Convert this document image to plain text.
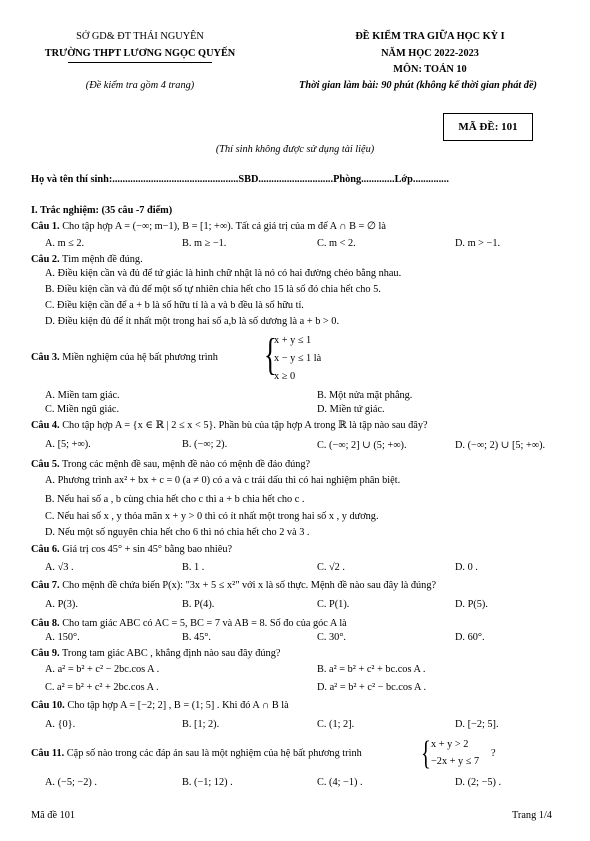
SỞ GD& ĐT THÁI NGUYÊN
TRƯỜNG THPT LƯƠNG NGỌC QUYẾN
(Đề kiểm tra gồm 4 trang)
ĐỀ KIỂM TRA GIỮA HỌC KỲ I
NĂM HỌC 2022-2023
MÔN: TOÁN 10
Thời gian làm bài: 90 phút (không kể thời gian phát đề)
MÃ ĐỀ: 101
(Thí sinh không được sử dụng tài liệu)
Họ và tên thí sinh:.................................................SBD.............................Phòng.............Lớp..............
I. Trắc nghiệm: (35 câu -7 điểm)
Câu 1. Cho tập hợp A = (−∞; m−1), B = [1; +∞). Tất cả giá trị của m để A ∩ B = ∅ là
A. m ≤ 2.	B. m ≥ −1.	C. m < 2.	D. m > −1.
Câu 2. Tìm mệnh đề đúng.
A. Điều kiện cần và đủ để tứ giác là hình chữ nhật là nó có hai đường chéo bằng nhau.
B. Điều kiện cần và đủ để một số tự nhiên chia hết cho 15 là số đó chia hết cho 5.
C. Điều kiện cần để a + b là số hữu tỉ là a và b đều là số hữu tỉ.
D. Điều kiện đủ để ít nhất một trong hai số a,b là số dương là a + b > 0.
Câu 3. Miền nghiệm của hệ bất phương trình {
x + y ≤ 1
x − y ≤ 1 là
x ≥ 0
A. Miền tam giác.	B. Một nửa mặt phẳng.
C. Miền ngũ giác.	D. Miền tứ giác.
Câu 4. Cho tập hợp A = {x ∈ ℝ | 2 ≤ x < 5}. Phần bù của tập hợp A trong ℝ là tập nào sau đây?
A. [5; +∞).	B. (−∞; 2).	C. (−∞; 2] ∪ (5; +∞).	D. (−∞; 2) ∪ [5; +∞).
Câu 5. Trong các mệnh đề sau, mệnh đề nào có mệnh đề đảo đúng?
A. Phương trình ax² + bx + c = 0 (a ≠ 0) có a và c trái dấu thì có hai nghiệm phân biệt.
B. Nếu hai số a , b cùng chia hết cho c thì a + b chia hết cho c .
C. Nếu hai số x , y thỏa mãn x + y > 0 thì có ít nhất một trong hai số x , y dương.
D. Nếu một số nguyên chia hết cho 6 thì nó chia hết cho 2 và 3 .
Câu 6. Giá trị cos 45° + sin 45° bằng bao nhiêu?
A. √3 .	B. 1 .	C. √2 .	D. 0 .
Câu 7. Cho mệnh đề chứa biến P(x): "3x + 5 ≤ x²" với x là số thực. Mệnh đề nào sau đây là đúng?
A. P(3).	B. P(4).	C. P(1).	D. P(5).
Câu 8. Cho tam giác ABC có AC = 5, BC = 7 và AB = 8. Số đo của góc A là
A. 150°.	B. 45°.	C. 30°.	D. 60°.
Câu 9. Trong tam giác ABC , khẳng định nào sau đây đúng?
A. a² = b² + c² − 2bc.cos A .	B. a² = b² + c² + bc.cos A .
C. a² = b² + c² + 2bc.cos A .	D. a² = b² + c² − bc.cos A .
Câu 10. Cho tập hợp A = [−2; 2] , B = (1; 5] . Khi đó A ∩ B là
A. {0}.	B. [1; 2).	C. (1; 2].	D. [−2; 5].
Câu 11. Cặp số nào trong các đáp án sau là một nghiệm của hệ bất phương trình { x + y > 2
−2x + y ≤ 7
?
A. (−5; −2) .	B. (−1; 12) .	C. (4; −1) .	D. (2; −5) .
Mã đề 101	Trang 1/4
